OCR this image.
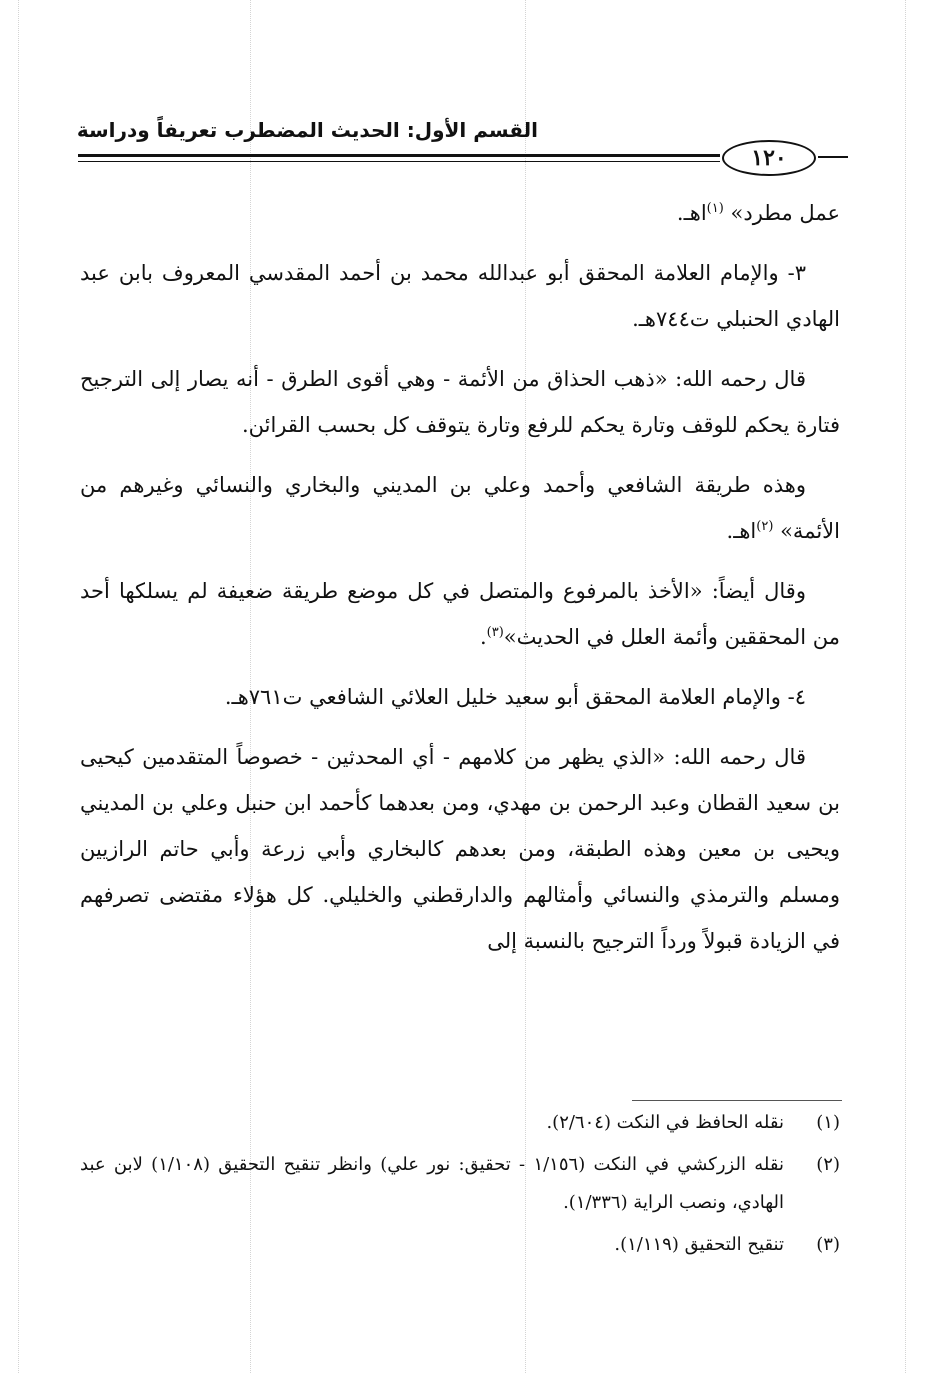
القسم الأول: الحديث المضطرب تعريفاً ودراسة
١٢٠

عمل مطرد» $^{(١)}$اهـ.

٣- والإمام العلامة المحقق أبو عبدالله محمد بن أحمد المقدسي المعروف بابن عبد الهادي الحنبلي ت٧٤٤هـ.

قال رحمه الله: «ذهب الحذاق من الأئمة - وهي أقوى الطرق - أنه يصار إلى الترجيح فتارة يحكم للوقف وتارة يحكم للرفع وتارة يتوقف كل بحسب القرائن.

وهذه طريقة الشافعي وأحمد وعلي بن المديني والبخاري والنسائي وغيرهم من الأئمة» $^{(٢)}$اهـ.

وقال أيضاً: «الأخذ بالمرفوع والمتصل في كل موضع طريقة ضعيفة لم يسلكها أحد من المحققين وأئمة العلل في الحديث»$^{(٣)}$.

٤- والإمام العلامة المحقق أبو سعيد خليل العلائي الشافعي ت٧٦١هـ.

قال رحمه الله: «الذي يظهر من كلامهم - أي المحدثين - خصوصاً المتقدمين كيحيى بن سعيد القطان وعبد الرحمن بن مهدي، ومن بعدهما كأحمد ابن حنبل وعلي بن المديني ويحيى بن معين وهذه الطبقة، ومن بعدهم كالبخاري وأبي زرعة وأبي حاتم الرازيين ومسلم والترمذي والنسائي وأمثالهم والدارقطني والخليلي. كل هؤلاء مقتضى تصرفهم في الزيادة قبولاً ورداً الترجيح بالنسبة إلى

(١)
نقله الحافظ في النكت (٢/٦٠٤).
(٢)
نقله الزركشي في النكت (١/١٥٦ - تحقيق: نور علي) وانظر تنقيح التحقيق (١/١٠٨) لابن عبد الهادي، ونصب الراية (١/٣٣٦).
(٣)
تنقيح التحقيق (١/١١٩).
